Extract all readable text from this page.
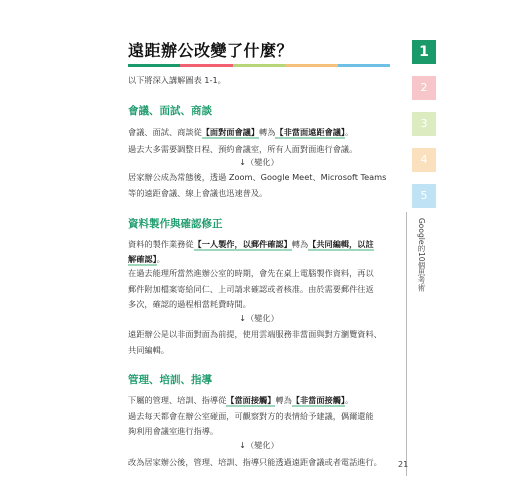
遠距辦公改變了什麼？
以下將深入講解圖表 1-1。
會議、面試、商談
會議、面試、商談從【面對面會議】轉為【非當面遠距會議】。
過去大多需要調整日程、預約會議室，所有人面對面進行會議。
↓（變化）
居家辦公成為常態後，透過 Zoom、Google Meet、Microsoft Teams
等的遠距會議、線上會議也迅速普及。
資料製作與確認修正
資料的製作業務從【一人製作，以郵件確認】轉為【共同編輯，以註
解確認】。
在過去能理所當然進辦公室的時期，會先在桌上電腦製作資料，再以
郵件附加檔案寄給同仁、上司請求確認或者核准。由於需要郵件往返
多次，確認的過程相當耗費時間。
↓（變化）
遠距辦公是以非面對面為前提，使用雲端服務非當面與對方瀏覽資料、
共同編輯。
管理、培訓、指導
下屬的管理、培訓、指導從【當面接觸】轉為【非當面接觸】。
過去每天都會在辦公室碰面，可觀察對方的表情給予建議，偶爾還能
夠利用會議室進行指導。
↓（變化）
改為居家辦公後，管理、培訓、指導只能透過遠距會議或者電話進行。
1
2
3
4
5
Google的10個思考術
21
